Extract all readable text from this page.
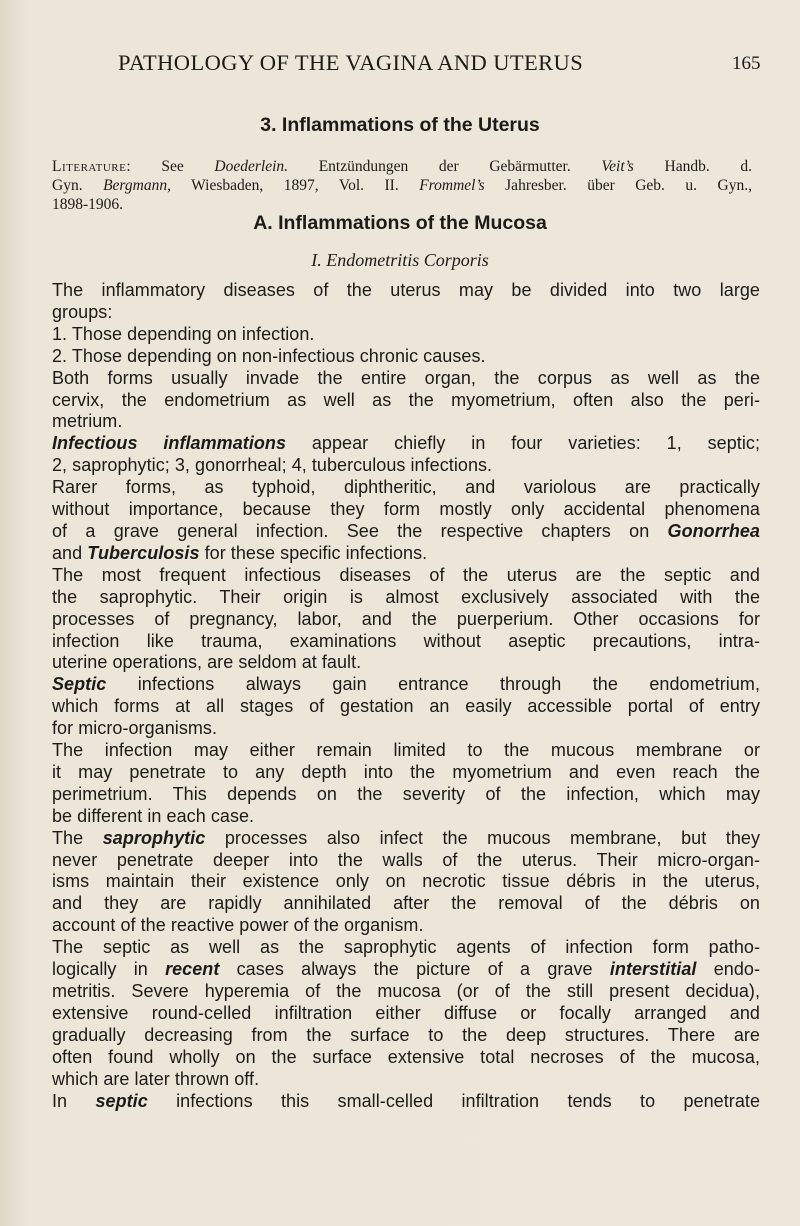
PATHOLOGY OF THE VAGINA AND UTERUS	165
3. Inflammations of the Uterus
Literature: See Doederlein. Entzündungen der Gebärmutter. Veit’s Handb. d.
Gyn. Bergmann, Wiesbaden, 1897, Vol. II. Frommel’s Jahresber. über Geb. u. Gyn.,
1898-1906.
A. Inflammations of the Mucosa
I. Endometritis Corporis
The inflammatory diseases of the uterus may be divided into two large
groups:
1. Those depending on infection.
2. Those depending on non-infectious chronic causes.
Both forms usually invade the entire organ, the corpus as well as the
cervix, the endometrium as well as the myometrium, often also the peri-
metrium.
Infectious inflammations appear chiefly in four varieties: 1, septic;
2, saprophytic; 3, gonorrheal; 4, tuberculous infections.
Rarer forms, as typhoid, diphtheritic, and variolous are practically
without importance, because they form mostly only accidental phenomena
of a grave general infection. See the respective chapters on Gonorrhea
and Tuberculosis for these specific infections.
The most frequent infectious diseases of the uterus are the septic and
the saprophytic. Their origin is almost exclusively associated with the
processes of pregnancy, labor, and the puerperium. Other occasions for
infection like trauma, examinations without aseptic precautions, intra-
uterine operations, are seldom at fault.
Septic infections always gain entrance through the endometrium,
which forms at all stages of gestation an easily accessible portal of entry
for micro-organisms.
The infection may either remain limited to the mucous membrane or
it may penetrate to any depth into the myometrium and even reach the
perimetrium. This depends on the severity of the infection, which may
be different in each case.
The saprophytic processes also infect the mucous membrane, but they
never penetrate deeper into the walls of the uterus. Their micro-organ-
isms maintain their existence only on necrotic tissue débris in the uterus,
and they are rapidly annihilated after the removal of the débris on
account of the reactive power of the organism.
The septic as well as the saprophytic agents of infection form patho-
logically in recent cases always the picture of a grave interstitial endo-
metritis. Severe hyperemia of the mucosa (or of the still present decidua),
extensive round-celled infiltration either diffuse or focally arranged and
gradually decreasing from the surface to the deep structures. There are
often found wholly on the surface extensive total necroses of the mucosa,
which are later thrown off.
In septic infections this small-celled infiltration tends to penetrate
